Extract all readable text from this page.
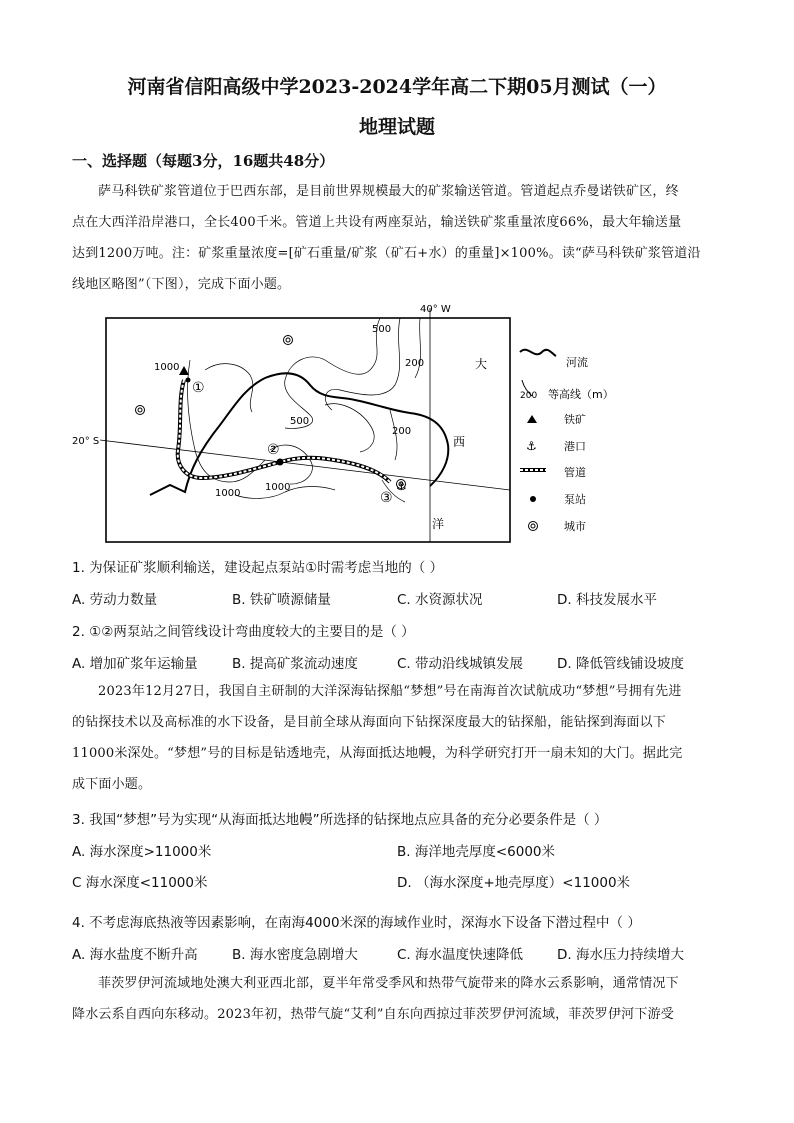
河南省信阳高级中学2023-2024学年高二下期05月测试（一）
地理试题
一、选择题（每题3分，16题共48分）
萨马科铁矿浆管道位于巴西东部，是目前世界规模最大的矿浆输送管道。管道起点乔曼诺铁矿区，终
点在大西洋沿岸港口，全长400千米。管道上共设有两座泵站，输送铁矿浆重量浓度66%，最大年输送量
达到1200万吨。注：矿浆重量浓度=[矿石重量/矿浆（矿石+水）的重量]×100%。读“萨马科铁矿浆管道沿
线地区略图”（下图），完成下面小题。
40° W
20° S
⚓
500
200
1000
500
200
1000
1000
①
②
③
大
西
洋
河流
200 等高线（m）
铁矿
⚓ 港口
管道
泵站
城市
1. 为保证矿浆顺利输送，建设起点泵站①时需考虑当地的（ ）
A. 劳动力数量	B. 铁矿喷源储量	C. 水资源状况	D. 科技发展水平
2. ①②两泵站之间管线设计弯曲度较大的主要目的是（ ）
A. 增加矿浆年运输量	B. 提高矿浆流动速度	C. 带动沿线城镇发展	D. 降低管线铺设坡度
2023年12月27日，我国自主研制的大洋深海钻探船“梦想”号在南海首次试航成功“梦想”号拥有先进
的钻探技术以及高标准的水下设备，是目前全球从海面向下钻探深度最大的钻探船，能钻探到海面以下
11000米深处。“梦想”号的目标是钻透地壳，从海面抵达地幔，为科学研究打开一扇未知的大门。据此完
成下面小题。
3. 我国“梦想”号为实现“从海面抵达地幔”所选择的钻探地点应具备的充分必要条件是（ ）
A. 海水深度>11000米	B. 海洋地壳厚度<6000米
C 海水深度<11000米	D. （海水深度+地壳厚度）<11000米
4. 不考虑海底热液等因素影响，在南海4000米深的海域作业时，深海水下设备下潜过程中（ ）
A. 海水盐度不断升高	B. 海水密度急剧增大	C. 海水温度快速降低	D. 海水压力持续增大
菲茨罗伊河流域地处澳大利亚西北部，夏半年常受季风和热带气旋带来的降水云系影响，通常情况下
降水云系自西向东移动。2023年初，热带气旋“艾利”自东向西掠过菲茨罗伊河流域，菲茨罗伊河下游受
